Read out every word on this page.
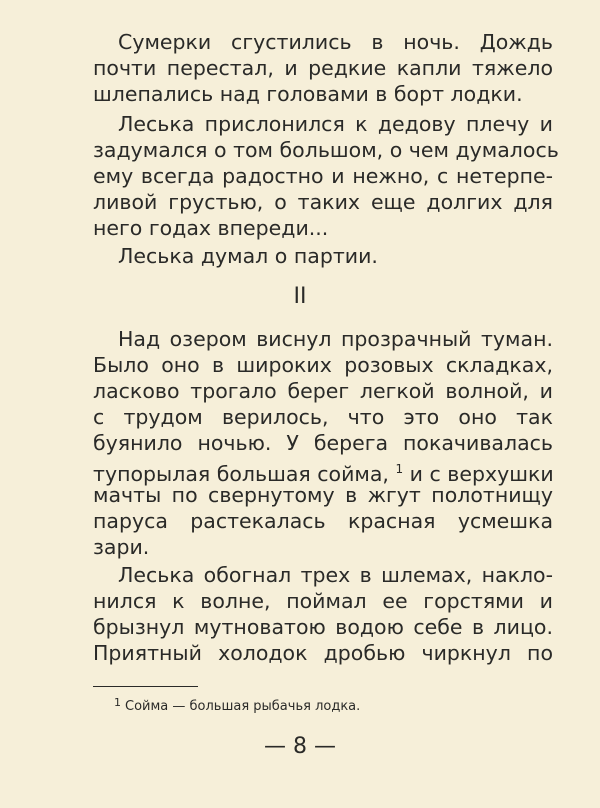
Сумерки сгустились в ночь. Дождь
почти перестал, и редкие капли тяжело
шлепались над головами в борт лодки.
Леська прислонился к дедову плечу и
задумался о том большом, о чем думалось
ему всегда радостно и нежно, с нетерпе-
ливой грустью, о таких еще долгих для
него годах впереди...
Леська думал о партии.
II
Над озером виснул прозрачный туман.
Было оно в широких розовых складках,
ласково трогало берег легкой волной, и
с трудом верилось, что это оно так
буянило ночью. У берега покачивалась
тупорылая большая сойма, $^1$ и с верхушки
мачты по свернутому в жгут полотнищу
паруса растекалась красная усмешка
зари.
Леська обогнал трех в шлемах, накло-
нился к волне, поймал ее горстями и
брызнул мутноватою водою себе в лицо.
Приятный холодок дробью чиркнул по
$^1$ Сойма — большая рыбачья лодка.
— 8 —
